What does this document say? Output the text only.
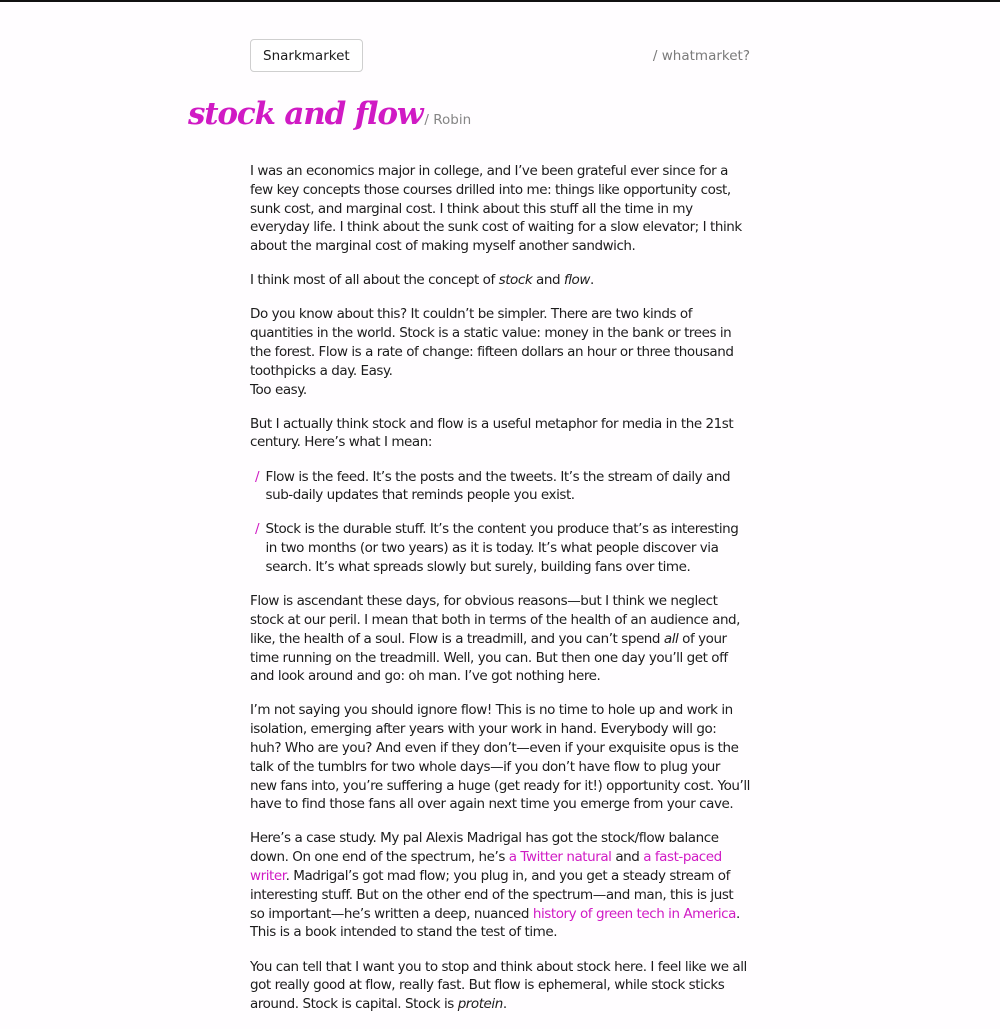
Snarkmarket	/ whatmarket?
stock and flow / Robin

I was an economics major in college, and I’ve been grateful ever since for a few key concepts those courses drilled into me: things like opportunity cost, sunk cost, and marginal cost. I think about this stuff all the time in my everyday life. I think about the sunk cost of waiting for a slow elevator; I think about the marginal cost of making myself another sandwich.

I think most of all about the concept of stock and flow.

Do you know about this? It couldn’t be simpler. There are two kinds of quantities in the world. Stock is a static value: money in the bank or trees in the forest. Flow is a rate of change: fifteen dollars an hour or three thousand toothpicks a day. Easy.
Too easy.

But I actually think stock and flow is a useful metaphor for media in the 21st century. Here’s what I mean:

/ Flow is the feed. It’s the posts and the tweets. It’s the stream of daily and sub-daily updates that reminds people you exist.
/ Stock is the durable stuff. It’s the content you produce that’s as interesting in two months (or two years) as it is today. It’s what people discover via search. It’s what spreads slowly but surely, building fans over time.

Flow is ascendant these days, for obvious reasons—but I think we neglect stock at our peril. I mean that both in terms of the health of an audience and, like, the health of a soul. Flow is a treadmill, and you can’t spend all of your time running on the treadmill. Well, you can. But then one day you’ll get off and look around and go: oh man. I’ve got nothing here.

I’m not saying you should ignore flow! This is no time to hole up and work in isolation, emerging after years with your work in hand. Everybody will go: huh? Who are you? And even if they don’t—even if your exquisite opus is the talk of the tumblrs for two whole days—if you don’t have flow to plug your new fans into, you’re suffering a huge (get ready for it!) opportunity cost. You’ll have to find those fans all over again next time you emerge from your cave.

Here’s a case study. My pal Alexis Madrigal has got the stock/flow balance down. On one end of the spectrum, he’s a Twitter natural and a fast-paced writer. Madrigal’s got mad flow; you plug in, and you get a steady stream of interesting stuff. But on the other end of the spectrum—and man, this is just so important—he’s written a deep, nuanced history of green tech in America. This is a book intended to stand the test of time.

You can tell that I want you to stop and think about stock here. I feel like we all got really good at flow, really fast. But flow is ephemeral, while stock sticks around. Stock is capital. Stock is protein.
